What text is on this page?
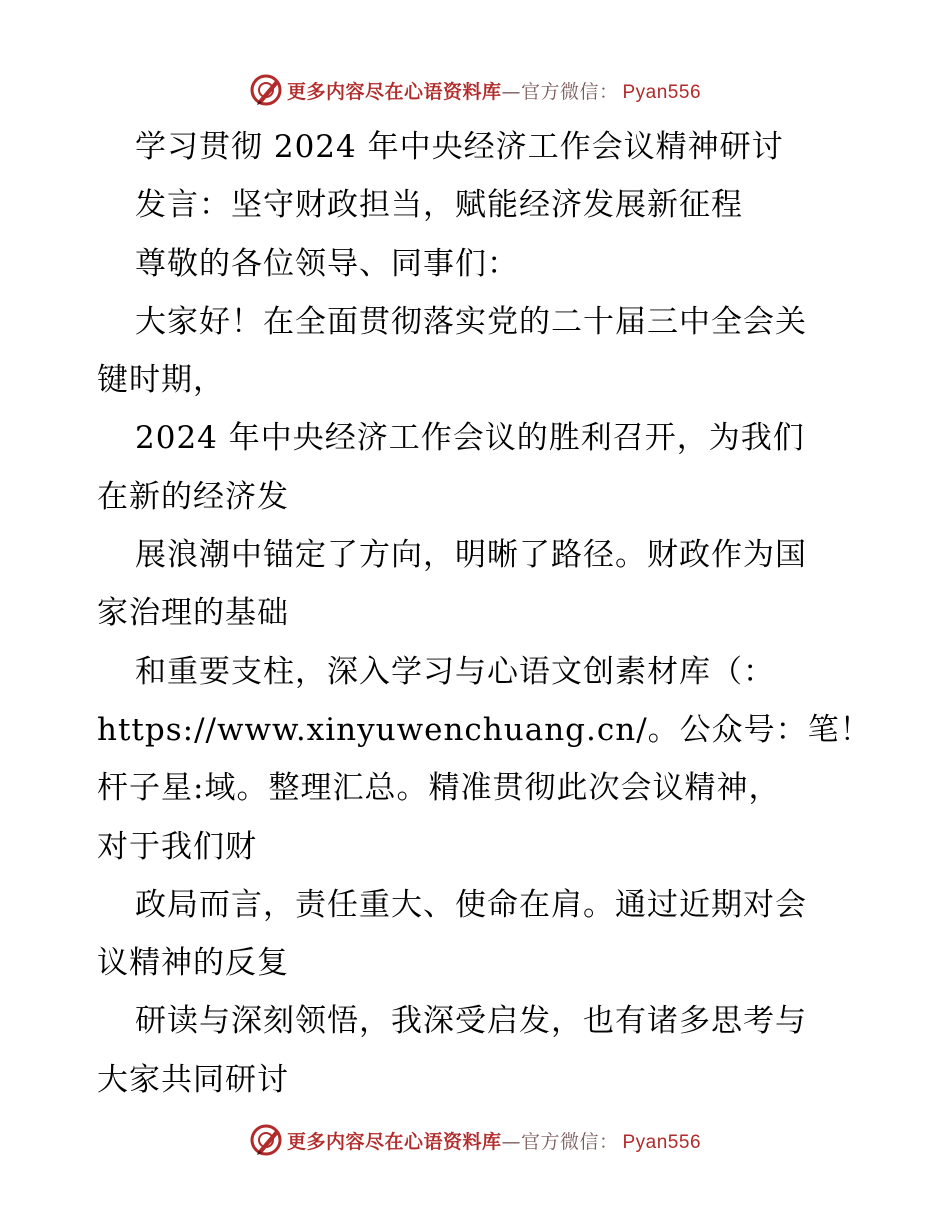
更多内容尽在心语资料库—官方微信： Pyan556
学习贯彻 2024 年中央经济工作会议精神研讨
发言：坚守财政担当，赋能经济发展新征程
尊敬的各位领导、同事们：
大家好！在全面贯彻落实党的二十届三中全会关
键时期，
2024 年中央经济工作会议的胜利召开，为我们
在新的经济发
展浪潮中锚定了方向，明晰了路径。财政作为国
家治理的基础
和重要支柱，深入学习与心语文创素材库（：
https://www.xinyuwenchuang.cn/。公众号：笔！
杆子星:域。整理汇总。精准贯彻此次会议精神，
对于我们财
政局而言，责任重大、使命在肩。通过近期对会
议精神的反复
研读与深刻领悟，我深受启发，也有诸多思考与
大家共同研讨
更多内容尽在心语资料库—官方微信： Pyan556
